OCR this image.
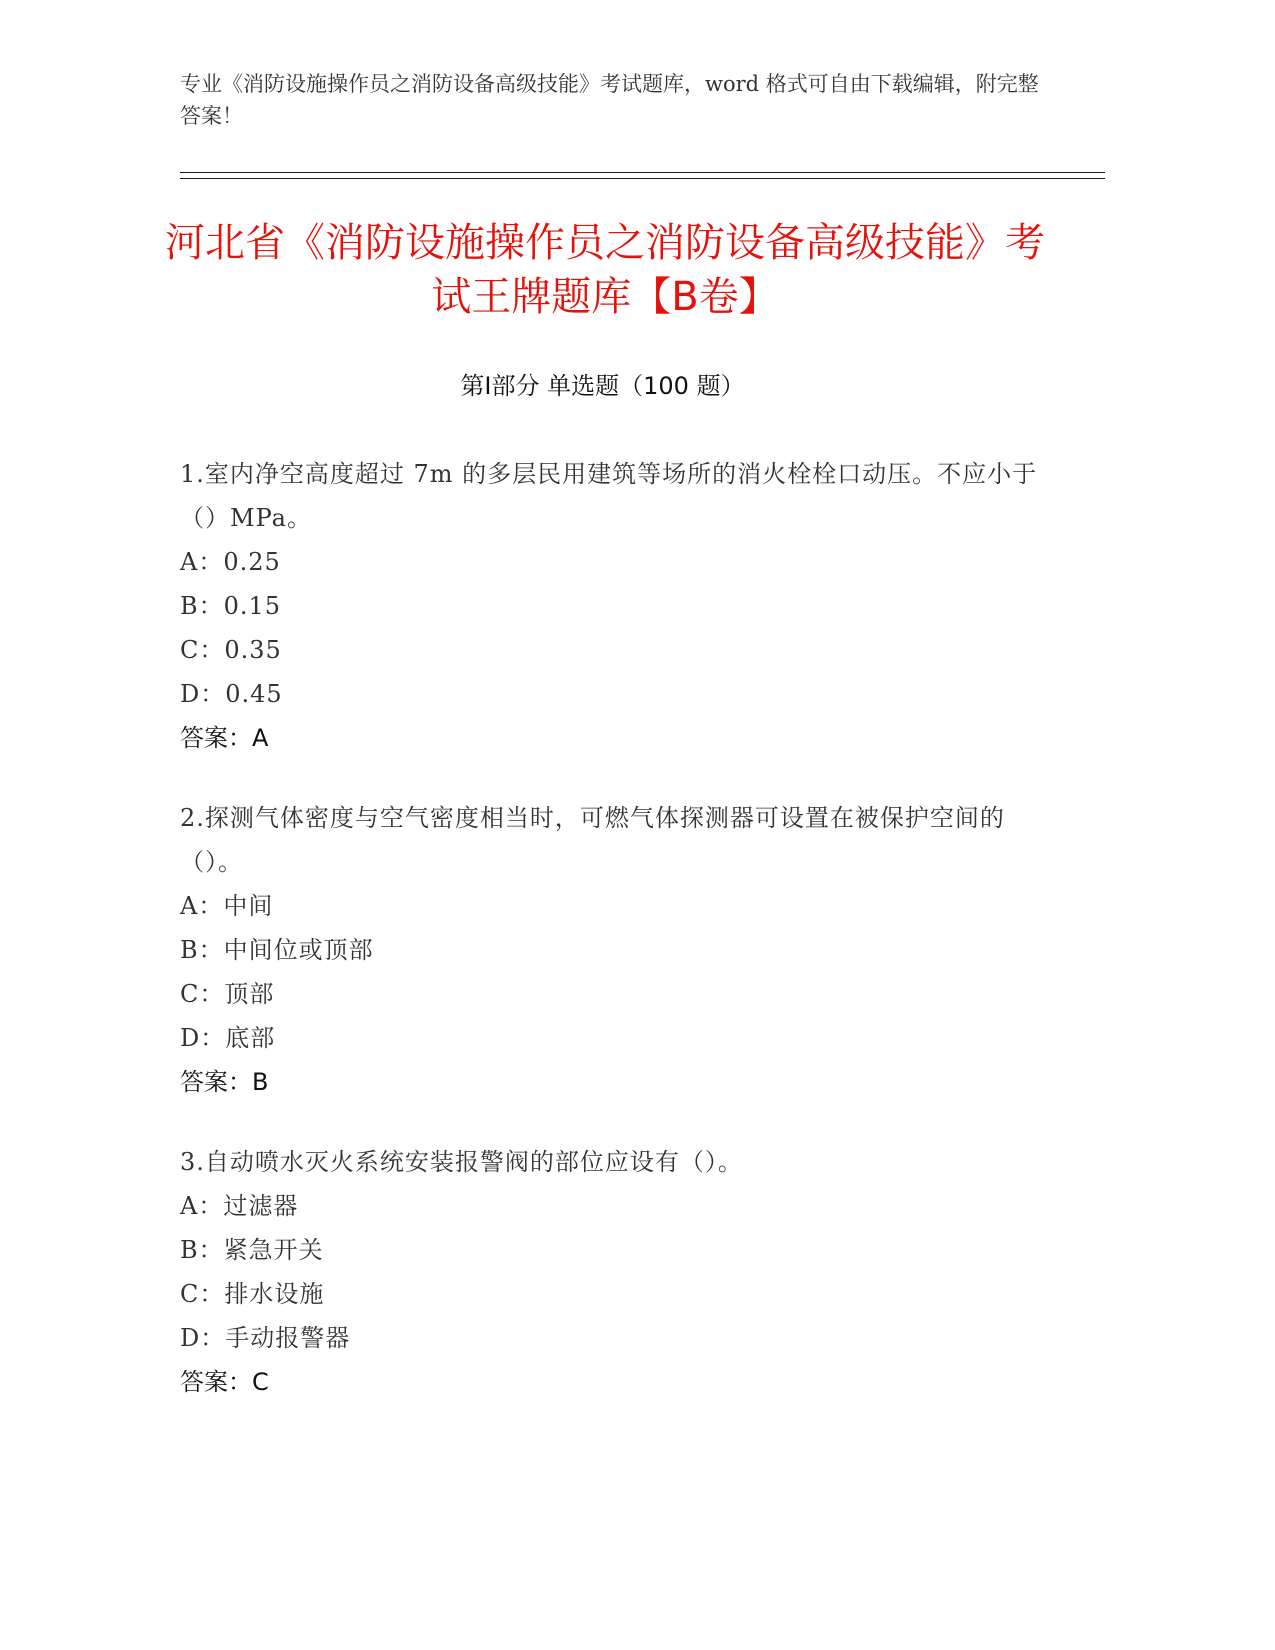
专业《消防设施操作员之消防设备高级技能》考试题库，word 格式可自由下载编辑，附完整答案！
河北省《消防设施操作员之消防设备高级技能》考试王牌题库【B卷】
第Ⅰ部分 单选题（100 题）
1.室内净空高度超过 7m 的多层民用建筑等场所的消火栓栓口动压。不应小于（）MPa。
A：0.25
B：0.15
C：0.35
D：0.45
答案：A
2.探测气体密度与空气密度相当时，可燃气体探测器可设置在被保护空间的（）。
A：中间
B：中间位或顶部
C：顶部
D：底部
答案：B
3.自动喷水灭火系统安装报警阀的部位应设有（）。
A：过滤器
B：紧急开关
C：排水设施
D：手动报警器
答案：C
